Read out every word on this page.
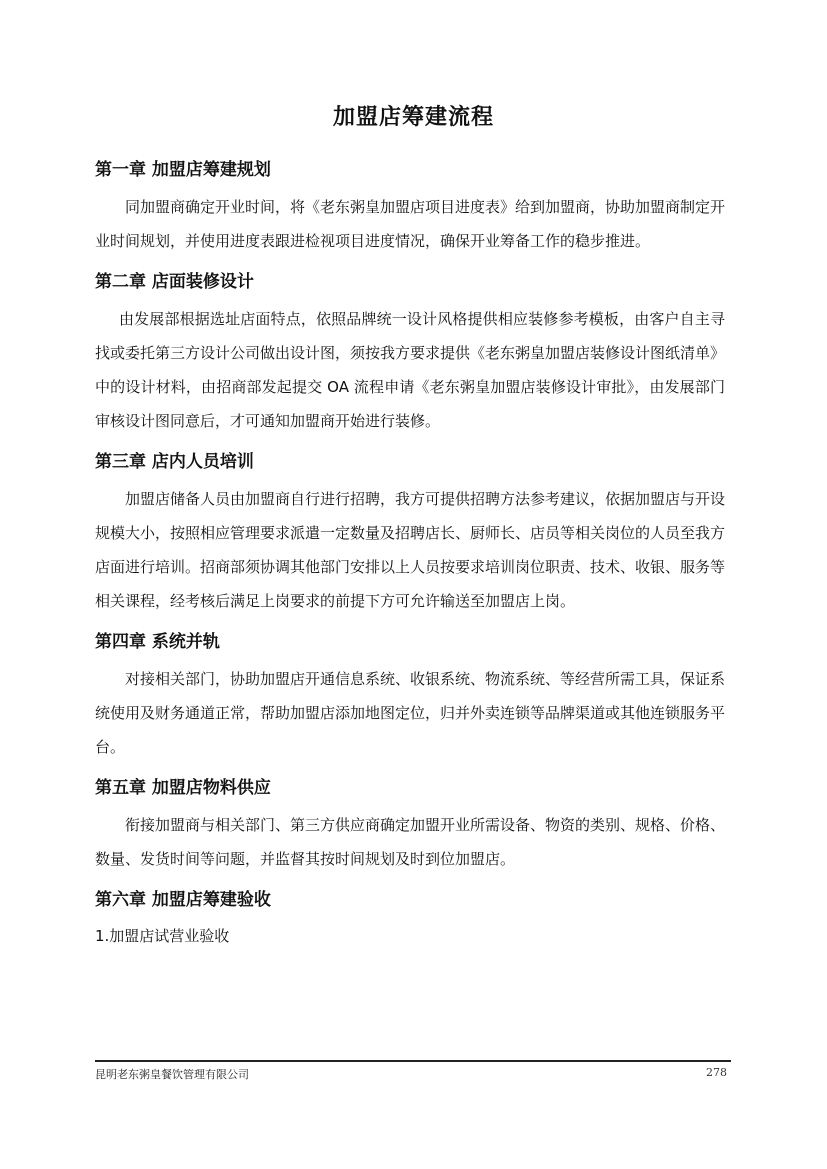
加盟店筹建流程
第一章 加盟店筹建规划

同加盟商确定开业时间，将《老东粥皇加盟店项目进度表》给到加盟商，协助加盟商制定开业时间规划，并使用进度表跟进检视项目进度情况，确保开业筹备工作的稳步推进。

第二章 店面装修设计

由发展部根据选址店面特点，依照品牌统一设计风格提供相应装修参考模板，由客户自主寻找或委托第三方设计公司做出设计图，须按我方要求提供《老东粥皇加盟店装修设计图纸清单》中的设计材料，由招商部发起提交 OA 流程申请《老东粥皇加盟店装修设计审批》，由发展部门审核设计图同意后，才可通知加盟商开始进行装修。

第三章 店内人员培训

加盟店储备人员由加盟商自行进行招聘，我方可提供招聘方法参考建议，依据加盟店与开设规模大小，按照相应管理要求派遣一定数量及招聘店长、厨师长、店员等相关岗位的人员至我方店面进行培训。招商部须协调其他部门安排以上人员按要求培训岗位职责、技术、收银、服务等相关课程，经考核后满足上岗要求的前提下方可允许输送至加盟店上岗。

第四章 系统并轨

对接相关部门，协助加盟店开通信息系统、收银系统、物流系统、等经营所需工具，保证系统使用及财务通道正常，帮助加盟店添加地图定位，归并外卖连锁等品牌渠道或其他连锁服务平台。

第五章 加盟店物料供应

衔接加盟商与相关部门、第三方供应商确定加盟开业所需设备、物资的类别、规格、价格、数量、发货时间等问题，并监督其按时间规划及时到位加盟店。

第六章 加盟店筹建验收

1.加盟店试营业验收

昆明老东粥皇餐饮管理有限公司	278
